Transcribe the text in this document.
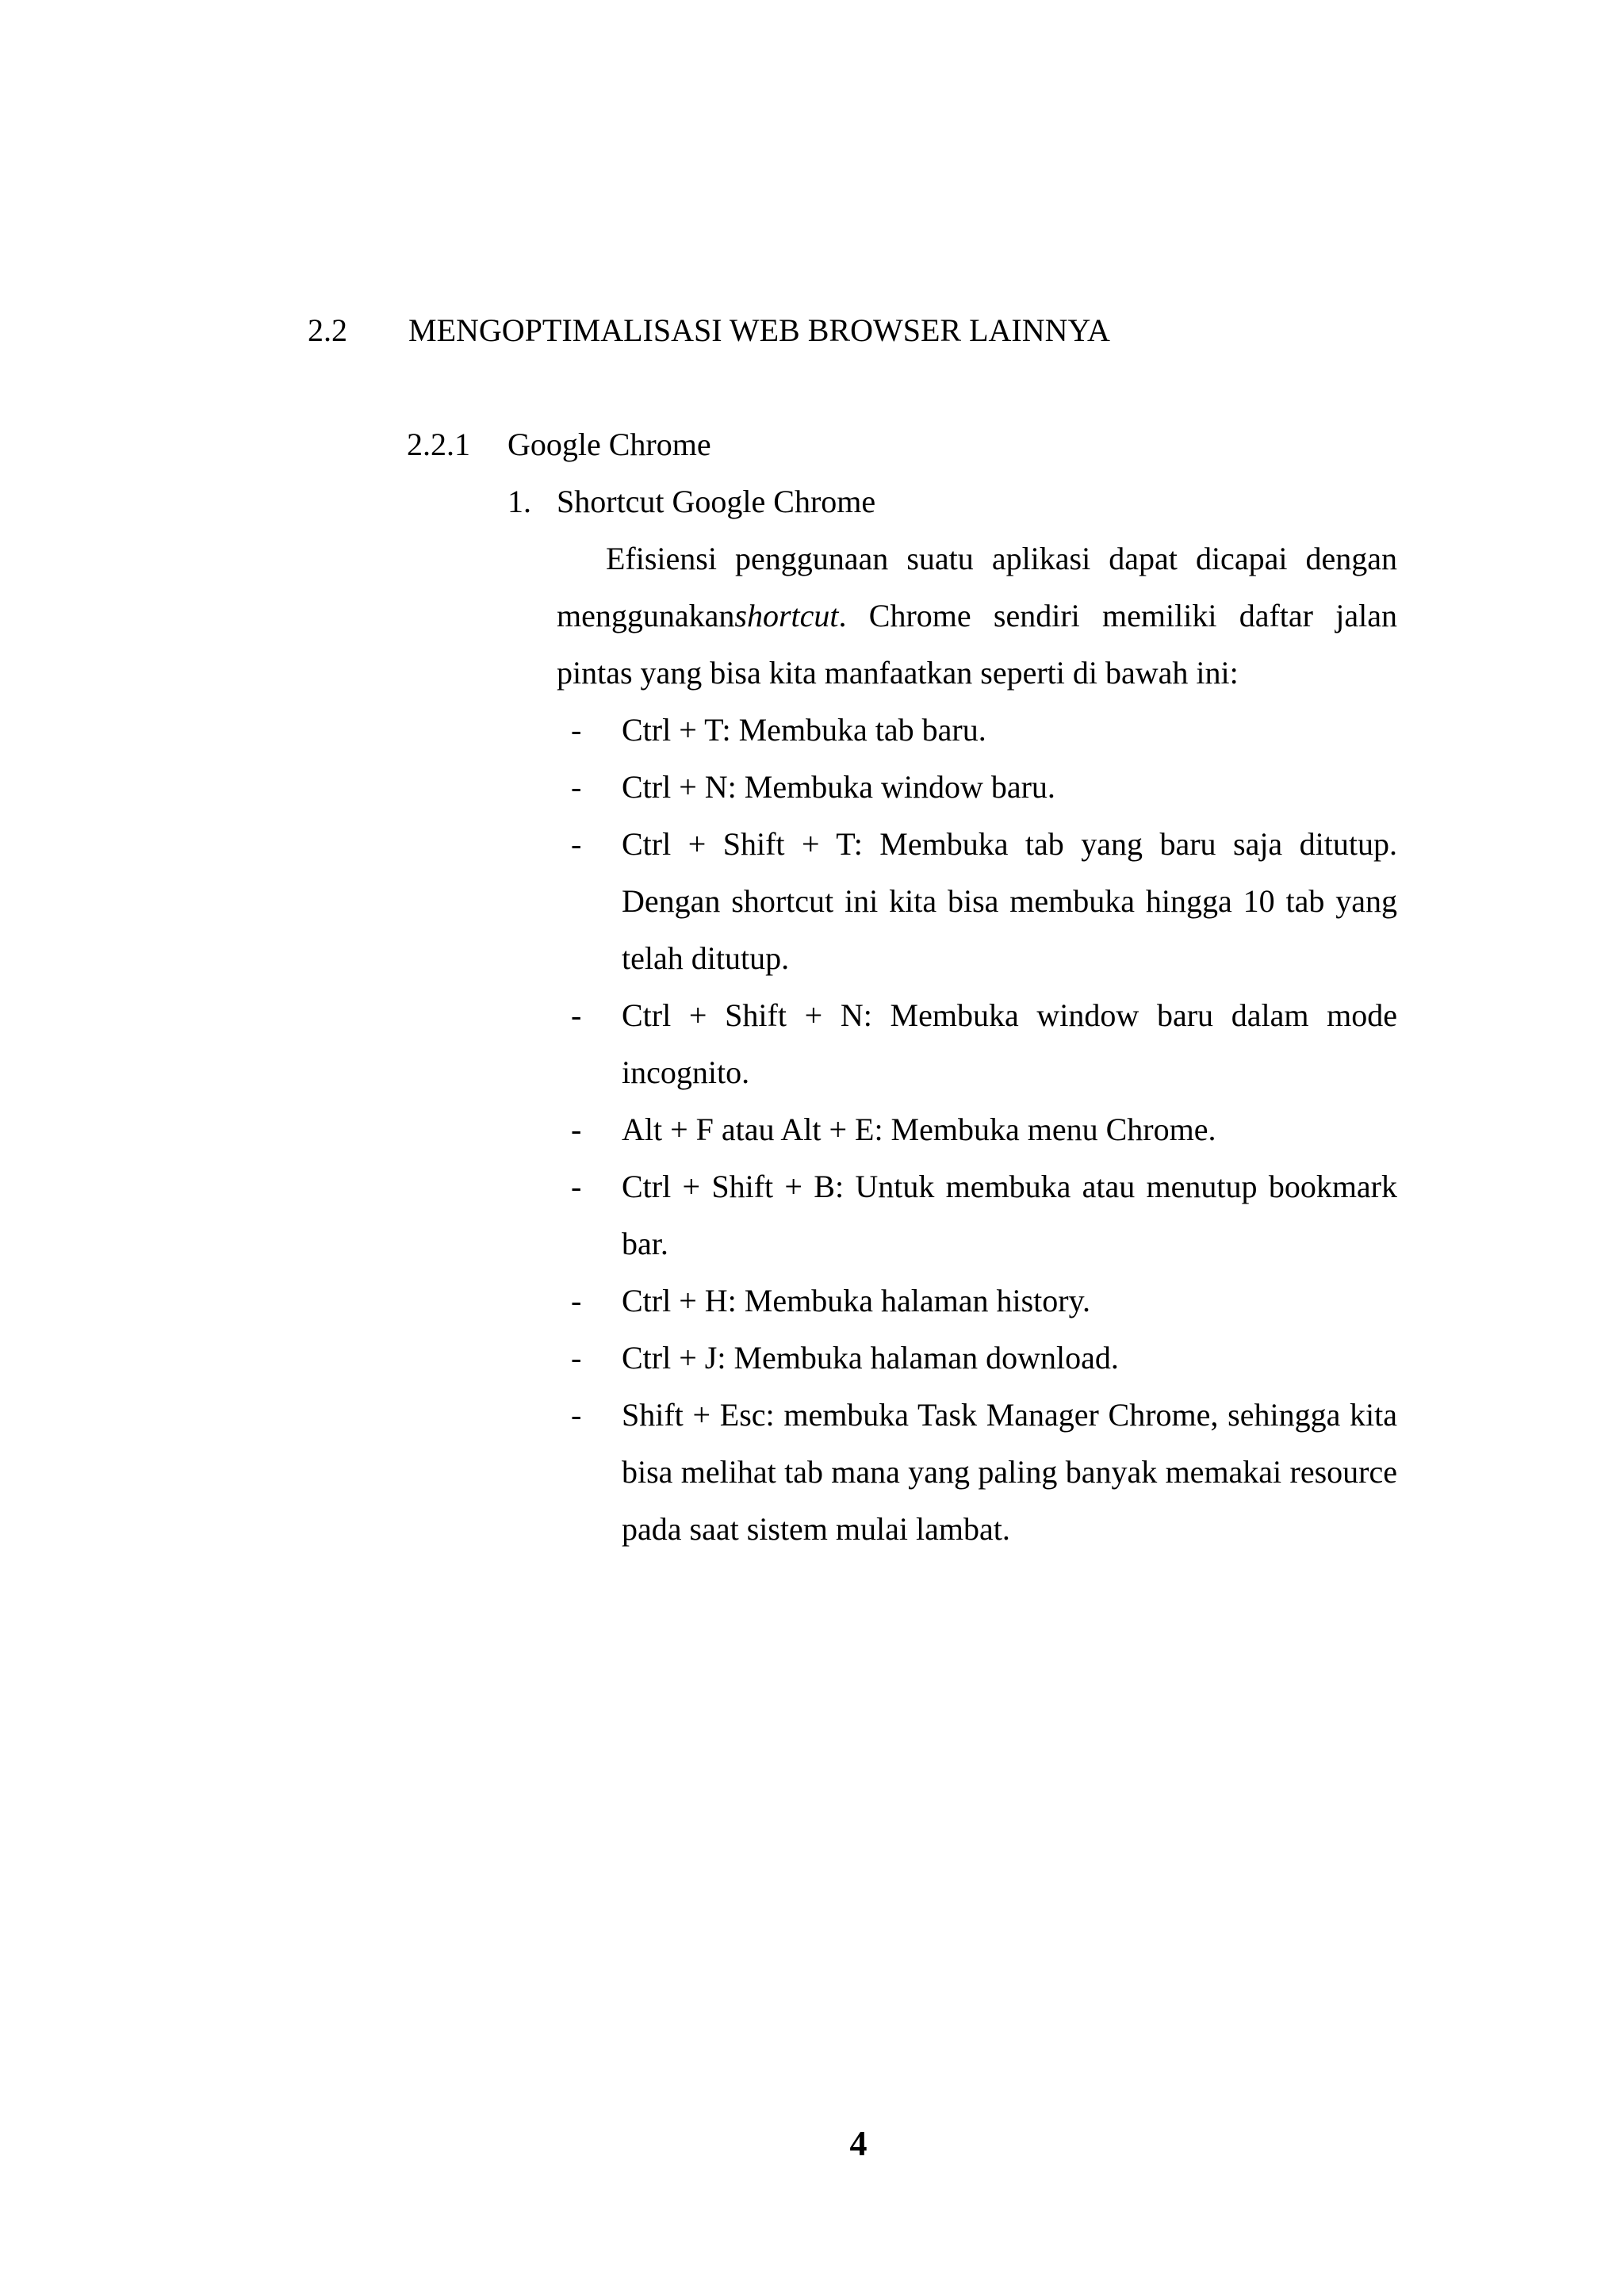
2.2 MENGOPTIMALISASI WEB BROWSER LAINNYA
2.2.1 Google Chrome
1. Shortcut Google Chrome

Efisiensi penggunaan suatu aplikasi dapat dicapai dengan menggunakanshortcut. Chrome sendiri memiliki daftar jalan pintas yang bisa kita manfaatkan seperti di bawah ini:

- Ctrl + T: Membuka tab baru.
- Ctrl + N: Membuka window baru.
- Ctrl + Shift + T: Membuka tab yang baru saja ditutup. Dengan shortcut ini kita bisa membuka hingga 10 tab yang telah ditutup.
- Ctrl + Shift + N: Membuka window baru dalam mode incognito.
- Alt + F atau Alt + E: Membuka menu Chrome.
- Ctrl + Shift + B: Untuk membuka atau menutup bookmark bar.
- Ctrl + H: Membuka halaman history.
- Ctrl + J: Membuka halaman download.
- Shift + Esc: membuka Task Manager Chrome, sehingga kita bisa melihat tab mana yang paling banyak memakai resource pada saat sistem mulai lambat.
4
